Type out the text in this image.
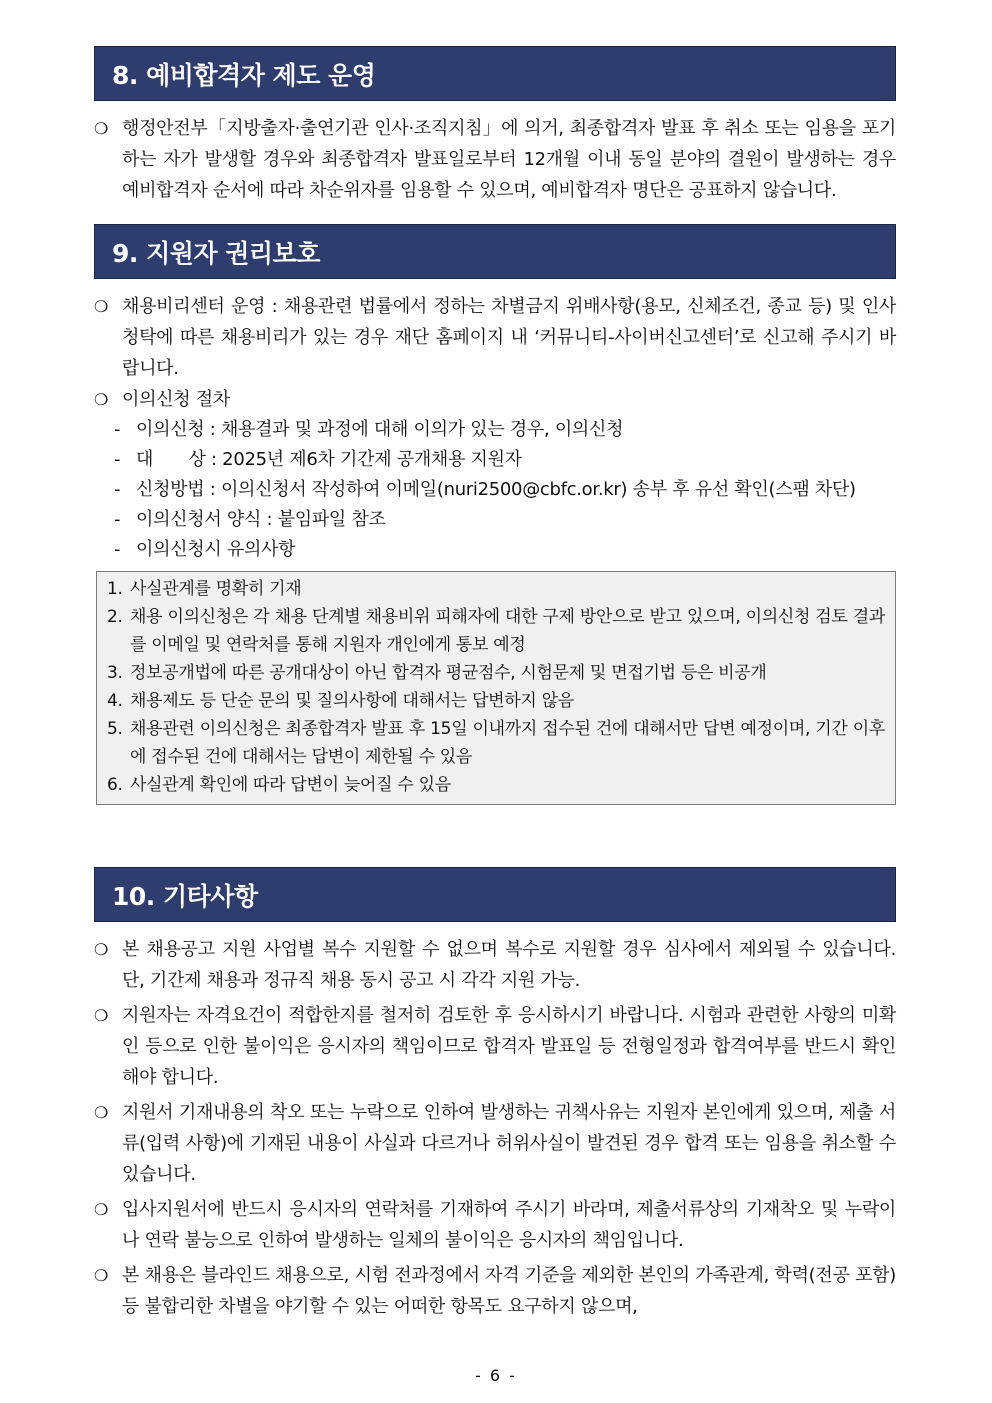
8. 예비합격자 제도 운영
❍ 행정안전부「지방출자·출연기관 인사·조직지침」에 의거, 최종합격자 발표 후 취소 또는 임용을 포기하는 자가 발생할 경우와 최종합격자 발표일로부터 12개월 이내 동일 분야의 결원이 발생하는 경우 예비합격자 순서에 따라 차순위자를 임용할 수 있으며, 예비합격자 명단은 공표하지 않습니다.
9. 지원자 권리보호
❍ 채용비리센터 운영 : 채용관련 법률에서 정하는 차별금지 위배사항(용모, 신체조건, 종교 등) 및 인사 청탁에 따른 채용비리가 있는 경우 재단 홈페이지 내 ‘커뮤니티-사이버신고센터’로 신고해 주시기 바랍니다.
❍ 이의신청 절차
- 이의신청 : 채용결과 및 과정에 대해 이의가 있는 경우, 이의신청
- 대　　상 : 2025년 제6차 기간제 공개채용 지원자
- 신청방법 : 이의신청서 작성하여 이메일(nuri2500@cbfc.or.kr) 송부 후 유선 확인(스팸 차단)
- 이의신청서 양식 : 붙임파일 참조
- 이의신청시 유의사항
1. 사실관계를 명확히 기재
2. 채용 이의신청은 각 채용 단계별 채용비위 피해자에 대한 구제 방안으로 받고 있으며, 이의신청 검토 결과를 이메일 및 연락처를 통해 지원자 개인에게 통보 예정
3. 정보공개법에 따른 공개대상이 아닌 합격자 평균점수, 시험문제 및 면접기법 등은 비공개
4. 채용제도 등 단순 문의 및 질의사항에 대해서는 답변하지 않음
5. 채용관련 이의신청은 최종합격자 발표 후 15일 이내까지 접수된 건에 대해서만 답변 예정이며, 기간 이후에 접수된 건에 대해서는 답변이 제한될 수 있음
6. 사실관계 확인에 따라 답변이 늦어질 수 있음
10. 기타사항
❍ 본 채용공고 지원 사업별 복수 지원할 수 없으며 복수로 지원할 경우 심사에서 제외될 수 있습니다. 단, 기간제 채용과 정규직 채용 동시 공고 시 각각 지원 가능.
❍ 지원자는 자격요건이 적합한지를 철저히 검토한 후 응시하시기 바랍니다. 시험과 관련한 사항의 미확인 등으로 인한 불이익은 응시자의 책임이므로 합격자 발표일 등 전형일정과 합격여부를 반드시 확인해야 합니다.
❍ 지원서 기재내용의 착오 또는 누락으로 인하여 발생하는 귀책사유는 지원자 본인에게 있으며, 제출 서류(입력 사항)에 기재된 내용이 사실과 다르거나 허위사실이 발견된 경우 합격 또는 임용을 취소할 수 있습니다.
❍ 입사지원서에 반드시 응시자의 연락처를 기재하여 주시기 바라며, 제출서류상의 기재착오 및 누락이나 연락 불능으로 인하여 발생하는 일체의 불이익은 응시자의 책임입니다.
❍ 본 채용은 블라인드 채용으로, 시험 전과정에서 자격 기준을 제외한 본인의 가족관계, 학력(전공 포함) 등 불합리한 차별을 야기할 수 있는 어떠한 항목도 요구하지 않으며,
- 6 -
